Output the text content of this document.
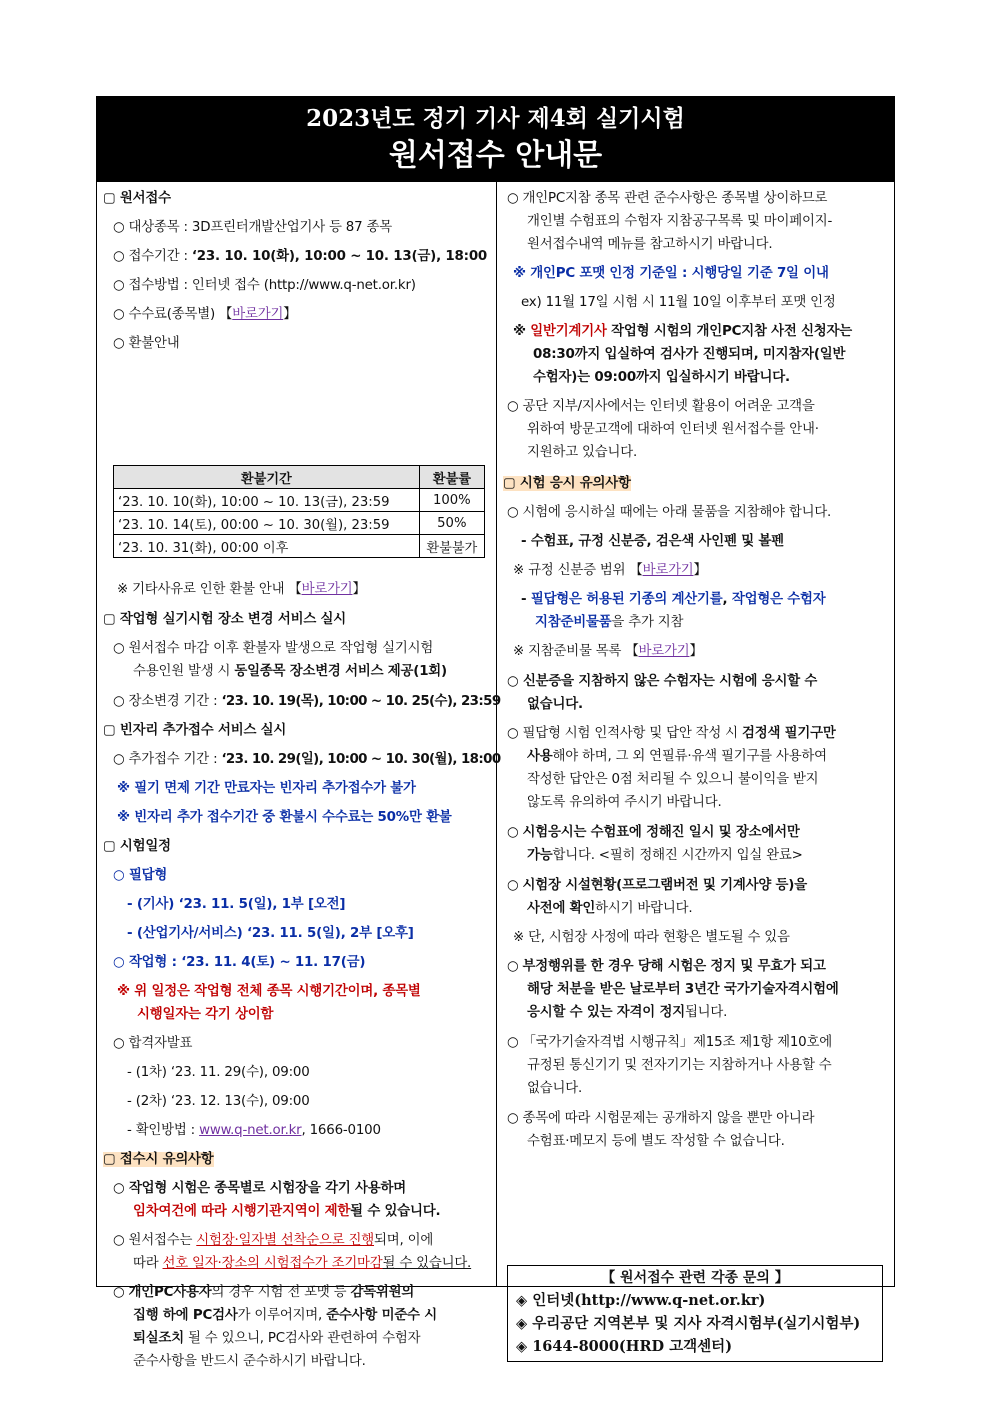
2023년도 정기 기사 제4회 실기시험
원서접수 안내문
▢ 원서접수
○ 대상종목 : 3D프린터개발산업기사 등 87 종목
○ 접수기간 : ‘23. 10. 10(화), 10:00 ~ 10. 13(금), 18:00
○ 접수방법 : 인터넷 접수 (http://www.q-net.or.kr)
○ 수수료(종목별) 【바로가기】
○ 환불안내
환불기간	환불률
‘23. 10. 10(화), 10:00 ~ 10. 13(금), 23:59	100%
‘23. 10. 14(토), 00:00 ~ 10. 30(월), 23:59	50%
‘23. 10. 31(화), 00:00 이후	환불불가
※ 기타사유로 인한 환불 안내 【바로가기】
▢ 작업형 실기시험 장소 변경 서비스 실시
○ 원서접수 마감 이후 환불자 발생으로 작업형 실기시험
수용인원 발생 시 동일종목 장소변경 서비스 제공(1회)
○ 장소변경 기간 : ‘23. 10. 19(목), 10:00 ~ 10. 25(수), 23:59
▢ 빈자리 추가접수 서비스 실시
○ 추가접수 기간 : ‘23. 10. 29(일), 10:00 ~ 10. 30(월), 18:00
※ 필기 면제 기간 만료자는 빈자리 추가접수가 불가
※ 빈자리 추가 접수기간 중 환불시 수수료는 50%만 환불
▢ 시험일정
○ 필답형
- (기사) ‘23. 11. 5(일), 1부 [오전]
- (산업기사/서비스) ‘23. 11. 5(일), 2부 [오후]
○ 작업형 : ‘23. 11. 4(토) ~ 11. 17(금)
※ 위 일정은 작업형 전체 종목 시행기간이며, 종목별
시행일자는 각기 상이함
○ 합격자발표
- (1차) ‘23. 11. 29(수), 09:00
- (2차) ‘23. 12. 13(수), 09:00
- 확인방법 : www.q-net.or.kr, 1666-0100
▢ 접수시 유의사항
○ 작업형 시험은 종목별로 시험장을 각기 사용하며
임차여건에 따라 시행기관지역이 제한될 수 있습니다.
○ 원서접수는 시험장·일자별 선착순으로 진행되며, 이에
따라 선호 일자·장소의 시험접수가 조기마감될 수 있습니다.
○ 개인PC사용자의 경우 시험 전 포맷 등 감독위원의
집행 하에 PC검사가 이루어지며, 준수사항 미준수 시
퇴실조치 될 수 있으니, PC검사와 관련하여 수험자
준수사항을 반드시 준수하시기 바랍니다.
○ 개인PC지참 종목 관련 준수사항은 종목별 상이하므로
개인별 수험표의 수험자 지참공구목록 및 마이페이지-
원서접수내역 메뉴를 참고하시기 바랍니다.
※ 개인PC 포맷 인정 기준일 : 시행당일 기준 7일 이내
ex) 11월 17일 시험 시 11월 10일 이후부터 포맷 인정
※ 일반기계기사 작업형 시험의 개인PC지참 사전 신청자는
08:30까지 입실하여 검사가 진행되며, 미지참자(일반
수험자)는 09:00까지 입실하시기 바랍니다.
○ 공단 지부/지사에서는 인터넷 활용이 어려운 고객을
위하여 방문고객에 대하여 인터넷 원서접수를 안내·
지원하고 있습니다.
▢ 시험 응시 유의사항
○ 시험에 응시하실 때에는 아래 물품을 지참해야 합니다.
- 수험표, 규정 신분증, 검은색 사인펜 및 볼펜
※ 규정 신분증 범위 【바로가기】
- 필답형은 허용된 기종의 계산기를, 작업형은 수험자
지참준비물품을 추가 지참
※ 지참준비물 목록 【바로가기】
○ 신분증을 지참하지 않은 수험자는 시험에 응시할 수
없습니다.
○ 필답형 시험 인적사항 및 답안 작성 시 검정색 필기구만
사용해야 하며, 그 외 연필류·유색 필기구를 사용하여
작성한 답안은 0점 처리될 수 있으니 불이익을 받지
않도록 유의하여 주시기 바랍니다.
○ 시험응시는 수험표에 정해진 일시 및 장소에서만
가능합니다. <필히 정해진 시간까지 입실 완료>
○ 시험장 시설현황(프로그램버전 및 기계사양 등)을
사전에 확인하시기 바랍니다.
※ 단, 시험장 사정에 따라 현황은 별도될 수 있음
○ 부정행위를 한 경우 당해 시험은 정지 및 무효가 되고
해당 처분을 받은 날로부터 3년간 국가기술자격시험에
응시할 수 있는 자격이 정지됩니다.
○ 「국가기술자격법 시행규칙」제15조 제1항 제10호에
규정된 통신기기 및 전자기기는 지참하거나 사용할 수
없습니다.
○ 종목에 따라 시험문제는 공개하지 않을 뿐만 아니라
수험표·메모지 등에 별도 작성할 수 없습니다.
【 원서접수 관련 각종 문의 】
◈ 인터넷(http://www.q-net.or.kr)
◈ 우리공단 지역본부 및 지사 자격시험부(실기시험부)
◈ 1644-8000(HRD 고객센터)
